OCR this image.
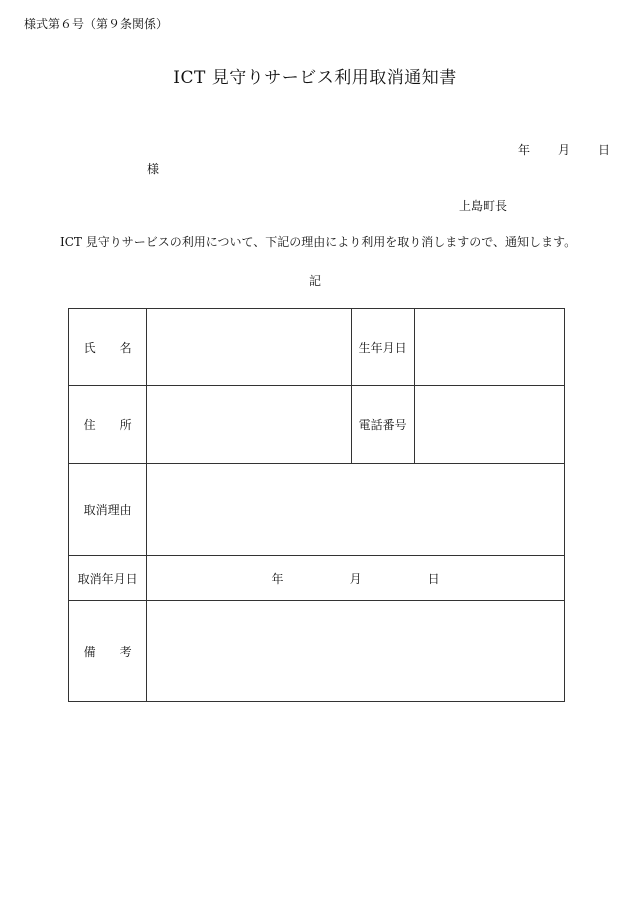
様式第６号（第９条関係）
ICT 見守りサービス利用取消通知書
年 月 日
様
上島町長
ICT 見守りサービスの利用について、下記の理由により利用を取り消しますので、通知します。
記
氏　　名		生年月日	
住　　所		電話番号	
取消理由			
取消年月日	年 月 日		
備　　考			
